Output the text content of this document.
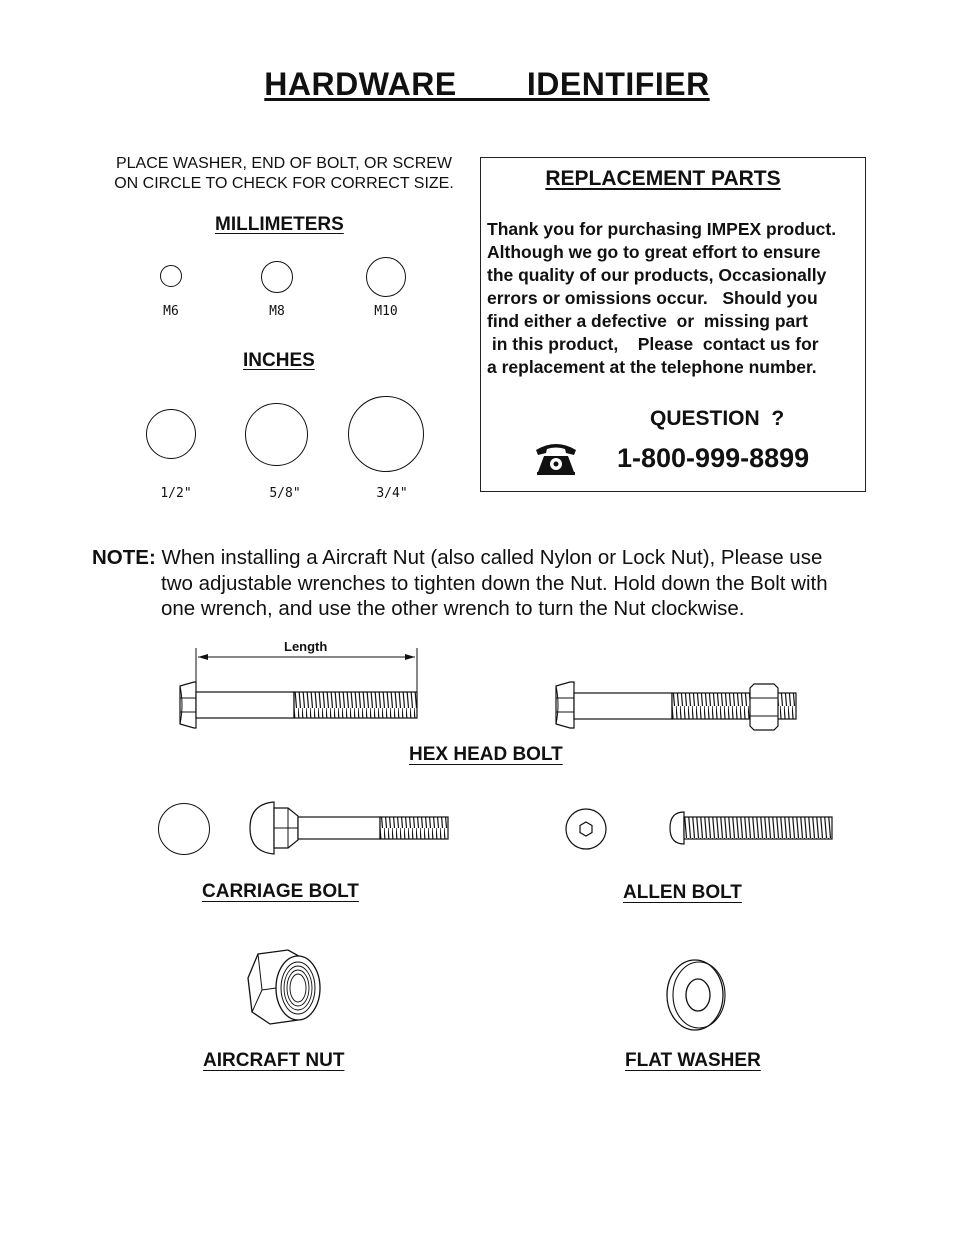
HARDWARE   IDENTIFIER
PLACE WASHER, END OF BOLT, OR SCREW
ON CIRCLE TO CHECK FOR CORRECT SIZE.
MILLIMETERS
M6	M8	M10
INCHES
1/2"	5/8"	3/4"
REPLACEMENT PARTS
Thank you for purchasing IMPEX product.
Although we go to great effort to ensure
the quality of our products, Occasionally
errors or omissions occur.   Should you
find either a defective  or  missing part
in this product,    Please  contact us for
a replacement at the telephone number.
QUESTION  ?
1-800-999-8899
NOTE: When installing a Aircraft Nut (also called Nylon or Lock Nut), Please use
two adjustable wrenches to tighten down the Nut. Hold down the Bolt with
one wrench, and use the other wrench to turn the Nut clockwise.
Length
HEX HEAD BOLT
CARRIAGE BOLT	ALLEN BOLT
AIRCRAFT NUT	FLAT WASHER
